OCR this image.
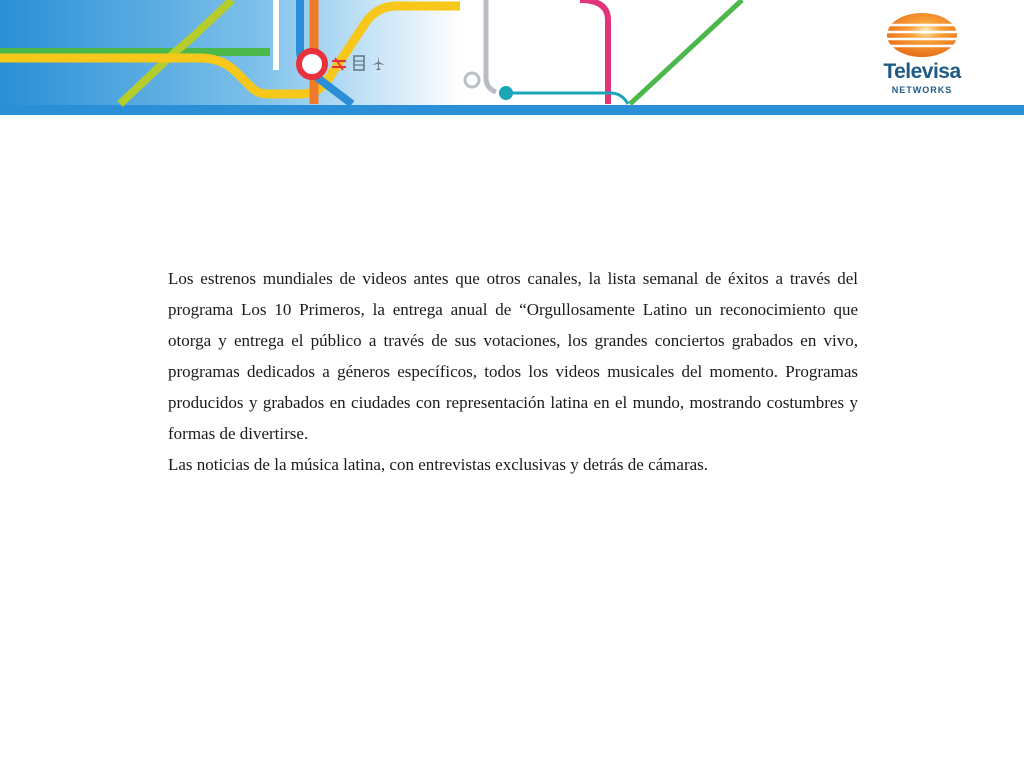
Televisa
NETWORKS

Los estrenos mundiales de videos antes que otros canales, la lista semanal de éxitos a través del programa Los 10 Primeros, la entrega anual de “Orgullosamente Latino un reconocimiento que otorga y entrega el público a través de sus votaciones, los grandes conciertos grabados en vivo, programas dedicados a géneros específicos, todos los videos musicales del momento. Programas producidos y grabados en ciudades con representación latina en el mundo, mostrando costumbres y formas de divertirse.

Las noticias de la música latina, con entrevistas exclusivas y detrás de cámaras.
